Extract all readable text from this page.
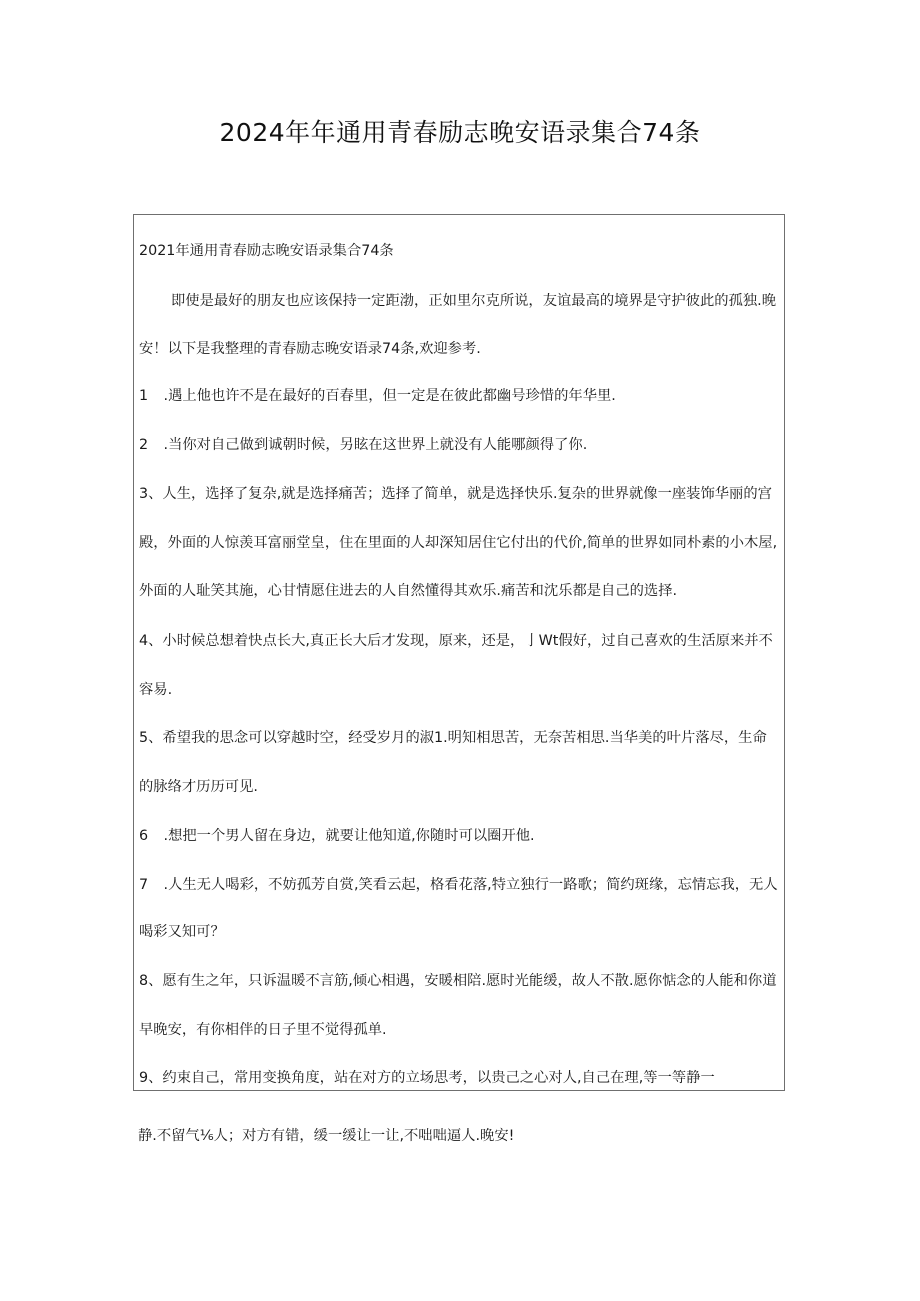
2024年年通用青春励志晚安语录集合74条
2021年通用青春励志晚安语录集合74条
即使是最好的朋友也应该保持一定距渤，正如里尔克所说，友谊最高的境界是守护彼此的孤独.晚
安！以下是我整理的青春励志晚安语录74条,欢迎参考.
1 .遇上他也许不是在最好的百春里，但一定是在彼此都幽号珍惜的年华里.
2 .当你对自己做到诚朝时候，另眩在这世界上就没有人能哪颜得了你.
3、人生，选择了复杂,就是选择痛苦；选择了简单，就是选择快乐.复杂的世界就像一座装饰华丽的宫
殿，外面的人惊羡耳富丽堂皇，住在里面的人却深知居住它付出的代价,简单的世界如同朴素的小木屋,
外面的人耻笑其施，心甘情愿住进去的人自然懂得其欢乐.痛苦和沈乐都是自己的选择.
4、小时候总想着快点长大,真正长大后才发现，原来，还是，亅Wt假好，过自己喜欢的生活原来并不
容易.
5、希望我的思念可以穿越时空，经受岁月的淑1.明知相思苦，无奈苦相思.当华美的叶片落尽，生命
的脉络才历历可见.
6 .想把一个男人留在身边，就要让他知道,你随时可以圈开他.
7 .人生无人喝彩，不妨孤芳自赏,笑看云起，格看花落,特立独行一路歌；简约斑缘，忘情忘我，无人
喝彩又知可？
8、愿有生之年，只诉温暖不言筋,倾心相遇，安暖相陪.愿时光能缓，故人不散.愿你惦念的人能和你道
早晚安，有你相伴的日子里不觉得孤单.
9、约束自己，常用变换角度，站在对方的立场思考，以贵己之心对人,自己在理,等一等静一
静.不留气⅙人；对方有错，缓一缓让一让,不咄咄逼人.晚安!
